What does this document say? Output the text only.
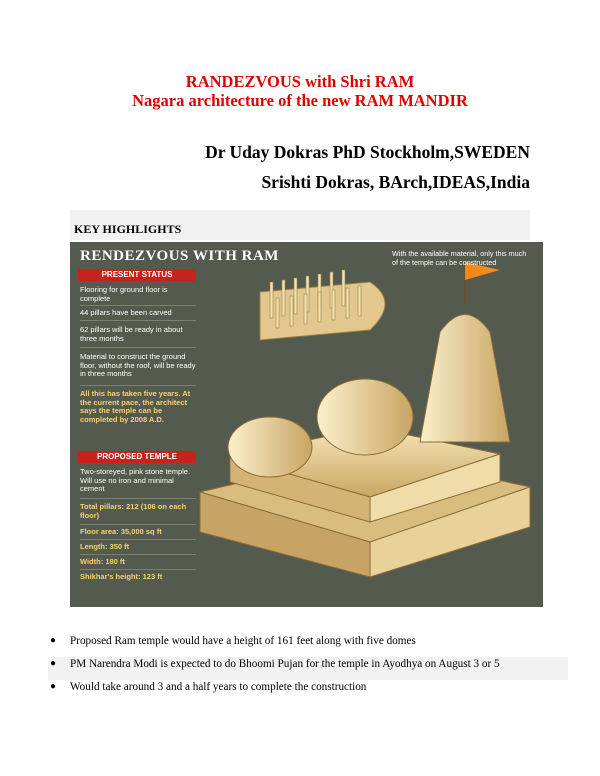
RANDEZVOUS with Shri RAM
Nagara architecture of the new RAM MANDIR
Dr Uday Dokras PhD Stockholm,SWEDEN
Srishti Dokras, BArch,IDEAS,India
KEY HIGHLIGHTS
RENDEZVOUS WITH RAM	With the available material, only this much of the temple can be constructed
PRESENT STATUS
Flooring for ground floor is complete
44 pillars have been carved
62 pillars will be ready in about three months
Material to construct the ground floor, without the roof, will be ready in three months
All this has taken five years. At the current pace, the architect says the temple can be completed by 2008 A.D.
PROPOSED TEMPLE
Two-storeyed, pink stone temple. Will use no iron and minimal cement
Total pillars: 212 (106 on each floor)
Floor area: 35,000 sq ft
Length: 350 ft
Width: 180 ft
Shikhar's height: 123 ft
● Proposed Ram temple would have a height of 161 feet along with five domes
● PM Narendra Modi is expected to do Bhoomi Pujan for the temple in Ayodhya on August 3 or 5
● Would take around 3 and a half years to complete the construction
